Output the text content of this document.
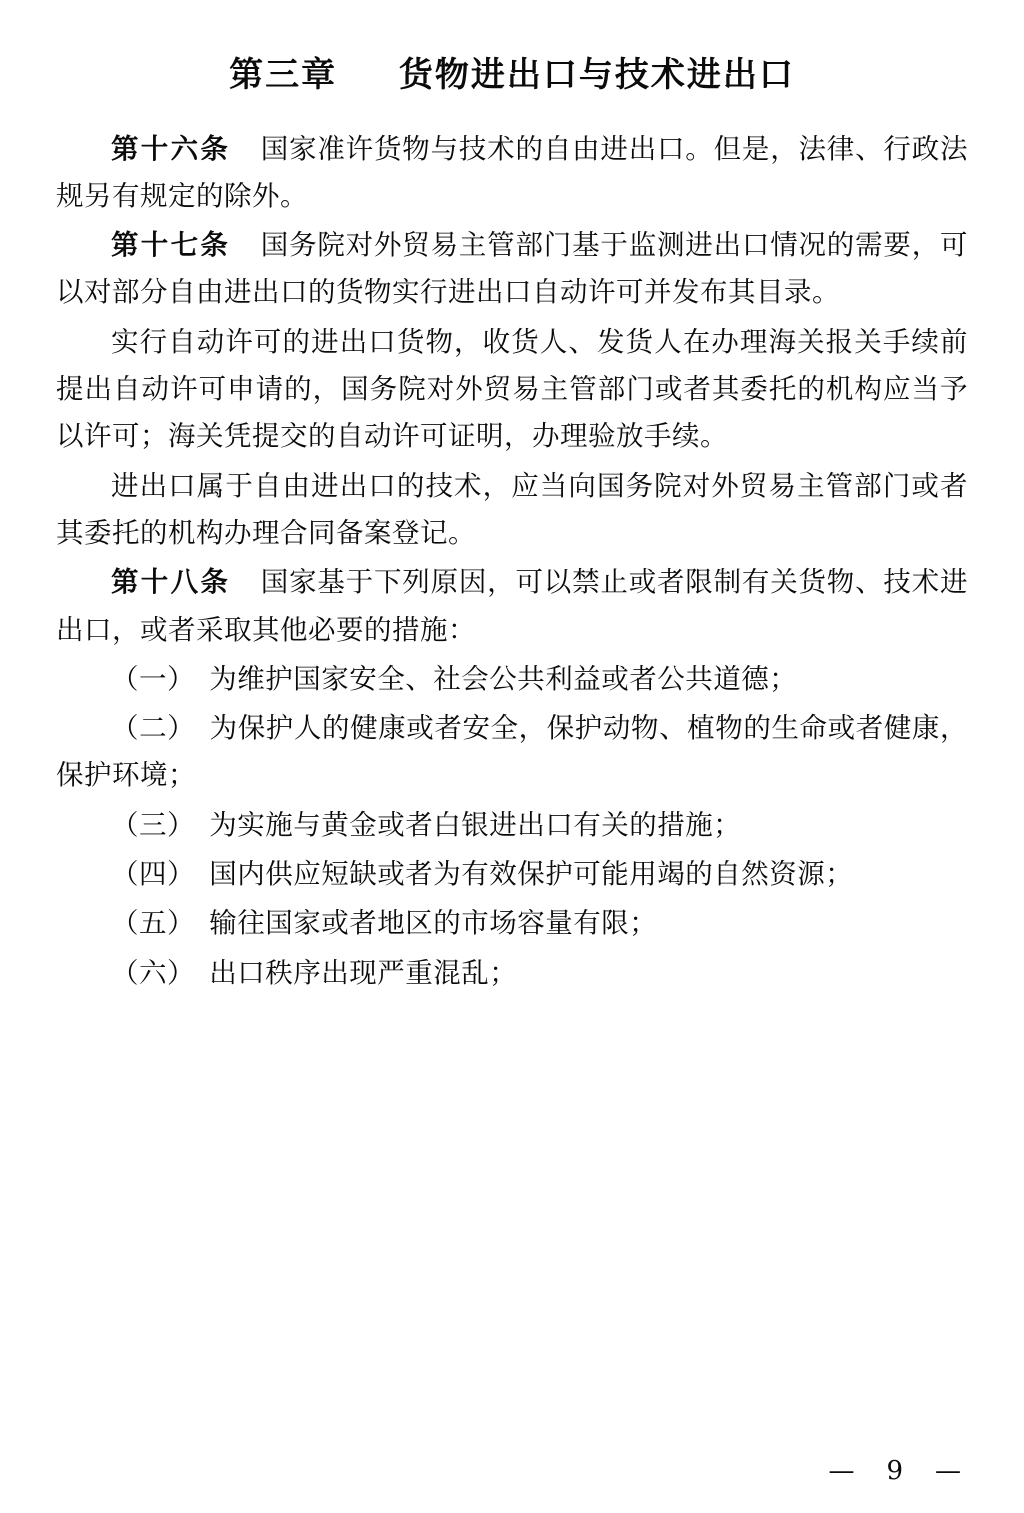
第三章 货物进出口与技术进出口

第十六条 国家准许货物与技术的自由进出口。但是，法律、行政法规另有规定的除外。

第十七条 国务院对外贸易主管部门基于监测进出口情况的需要，可以对部分自由进出口的货物实行进出口自动许可并发布其目录。

实行自动许可的进出口货物，收货人、发货人在办理海关报关手续前提出自动许可申请的，国务院对外贸易主管部门或者其委托的机构应当予以许可；海关凭提交的自动许可证明，办理验放手续。

进出口属于自由进出口的技术，应当向国务院对外贸易主管部门或者其委托的机构办理合同备案登记。

第十八条 国家基于下列原因，可以禁止或者限制有关货物、技术进出口，或者采取其他必要的措施：

（一）　为维护国家安全、社会公共利益或者公共道德；

（二）　为保护人的健康或者安全，保护动物、植物的生命或者健康，保护环境；

（三）　为实施与黄金或者白银进出口有关的措施；

（四）　国内供应短缺或者为有效保护可能用竭的自然资源；

（五）　输往国家或者地区的市场容量有限；

（六）　出口秩序出现严重混乱；

—　9　—
